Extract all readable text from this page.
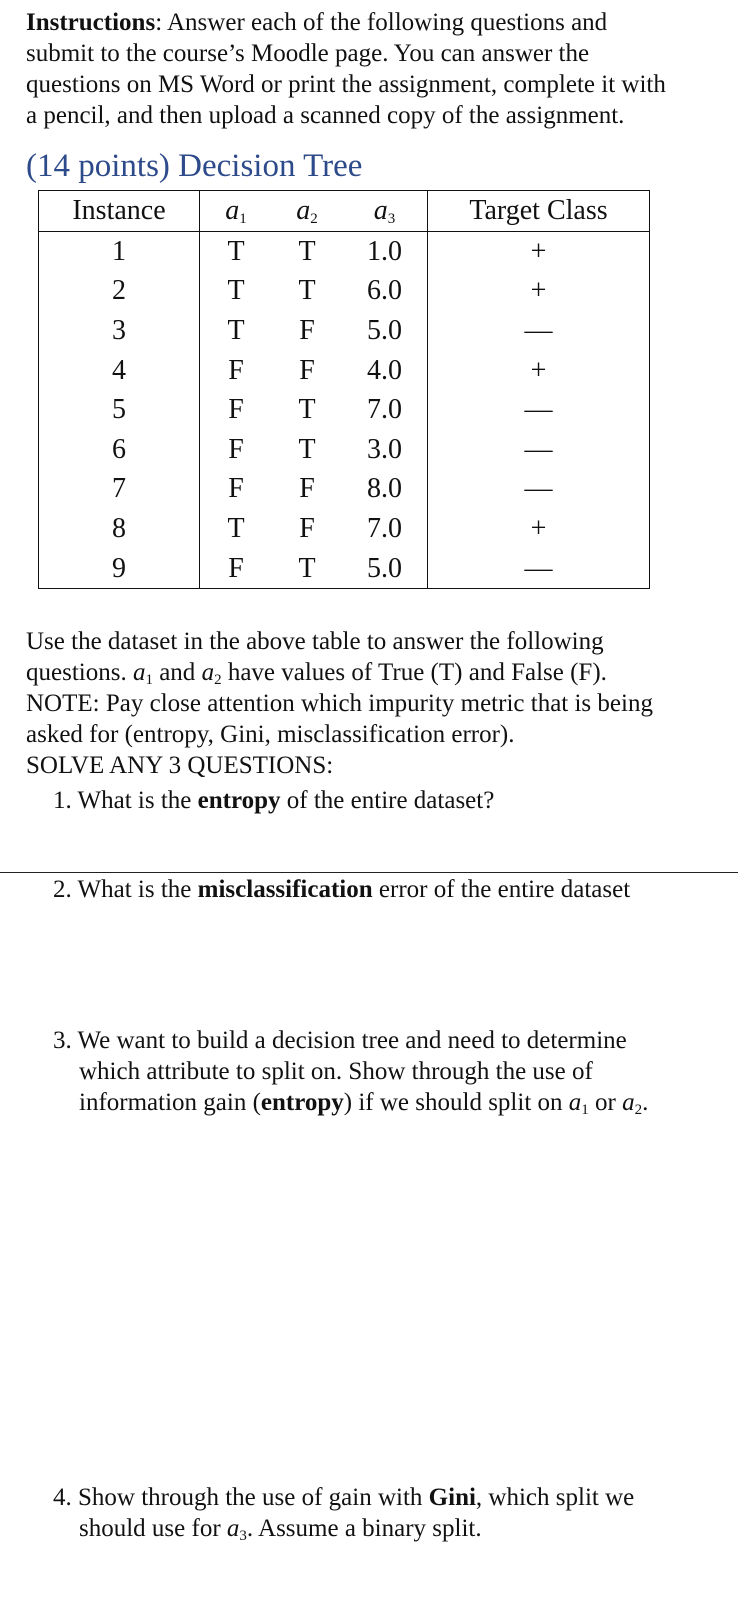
Instructions: Answer each of the following questions and

submit to the course’s Moodle page. You can answer the

questions on MS Word or print the assignment, complete it with

a pencil, and then upload a scanned copy of the assignment.

(14 points) Decision Tree
Instance	$a_1$	$a_2$	$a_3$	Target Class
1	T	T	1.0	+
2	T	T	6.0	+
3	T	F	5.0	—
4	F	F	4.0	+
5	F	T	7.0	—
6	F	T	3.0	—
7	F	F	8.0	—
8	T	F	7.0	+
9	F	T	5.0	—

Use the dataset in the above table to answer the following

questions. $a_1$ and $a_2$ have values of True (T) and False (F).

NOTE: Pay close attention which impurity metric that is being

asked for (entropy, Gini, misclassification error).

SOLVE ANY 3 QUESTIONS:

1. What is the entropy of the entire dataset?
2. What is the misclassification error of the entire dataset
3. We want to build a decision tree and need to determine
which attribute to split on. Show through the use of
information gain (entropy) if we should split on $a_1$ or $a_2$.
4. Show through the use of gain with Gini, which split we
should use for $a_3$. Assume a binary split.
